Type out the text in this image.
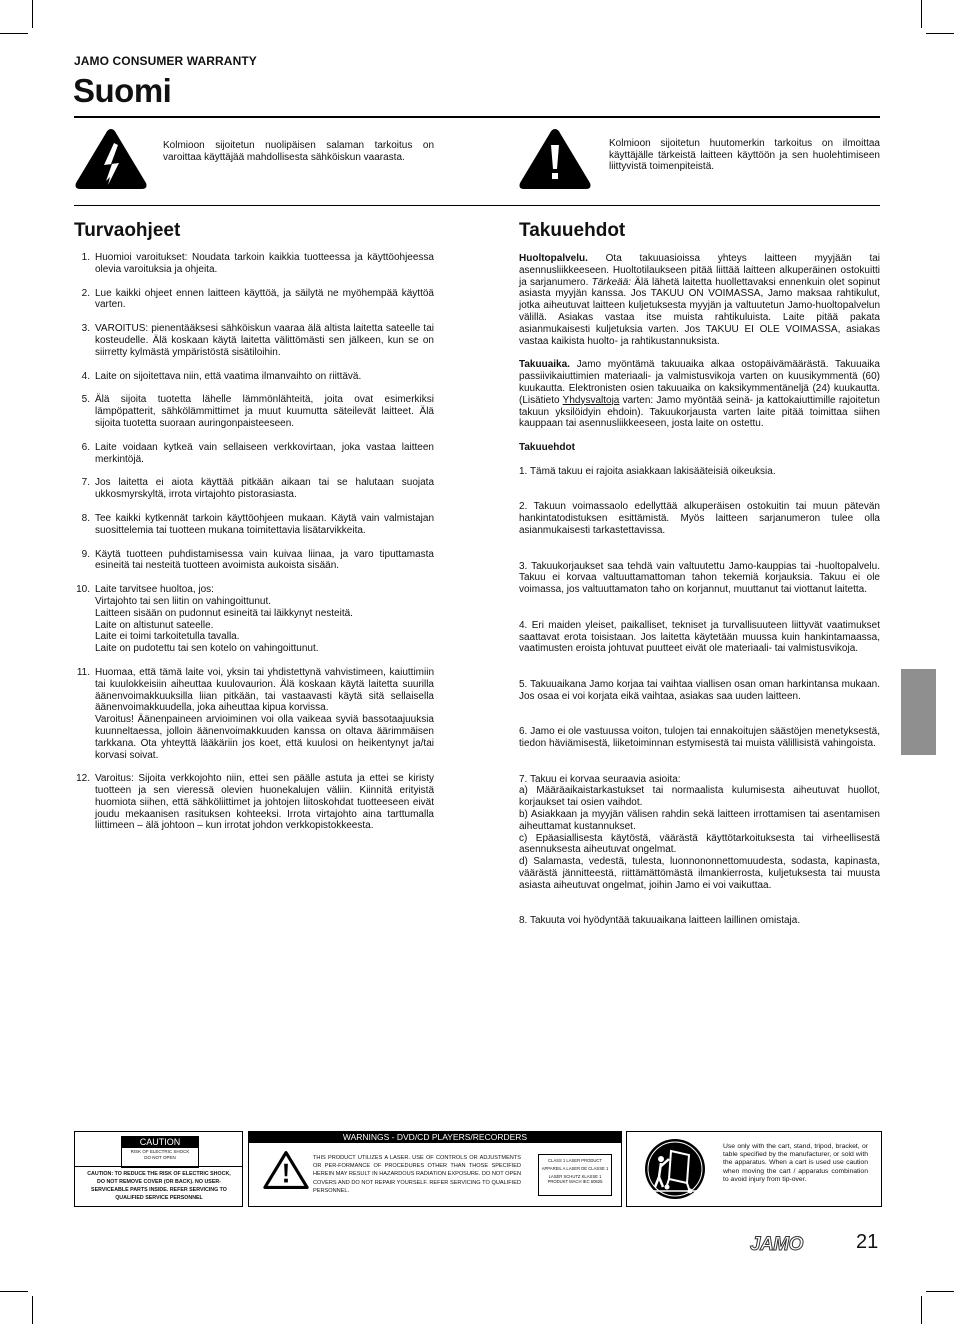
JAMO CONSUMER WARRANTY
Suomi
Kolmioon sijoitetun nuolipäisen salaman tarkoitus on varoittaa käyttäjää mahdollisesta sähköiskun vaarasta.
Kolmioon sijoitetun huutomerkin tarkoitus on ilmoittaa käyttäjälle tärkeistä laitteen käyttöön ja sen huolehtimiseen liittyvistä toimenpiteistä.
Turvaohjeet	Takuuehdot
1. Huomioi varoitukset: Noudata tarkoin kaikkia tuotteessa ja käyttöohjeessa olevia varoituksia ja ohjeita.
2. Lue kaikki ohjeet ennen laitteen käyttöä, ja säilytä ne myöhempää käyttöä varten.
3. VAROITUS: pienentääksesi sähköiskun vaaraa älä altista laitetta sateelle tai kosteudelle. Älä koskaan käytä laitetta välittömästi sen jälkeen, kun se on siirretty kylmästä ympäristöstä sisätiloihin.
4. Laite on sijoitettava niin, että vaatima ilmanvaihto on riittävä.
5. Älä sijoita tuotetta lähelle lämmönlähteitä, joita ovat esimerkiksi lämpöpatterit, sähkölämmittimet ja muut kuumutta säteilevät laitteet. Älä sijoita tuotetta suoraan auringonpaisteeseen.
6. Laite voidaan kytkeä vain sellaiseen verkkovirtaan, joka vastaa laitteen merkintöjä.
7. Jos laitetta ei aiota käyttää pitkään aikaan tai se halutaan suojata ukkosmyrskyltä, irrota virtajohto pistorasiasta.
8. Tee kaikki kytkennät tarkoin käyttöohjeen mukaan. Käytä vain valmistajan suosittelemia tai tuotteen mukana toimitettavia lisätarvikkeita.
9. Käytä tuotteen puhdistamisessa vain kuivaa liinaa, ja varo tiputtamasta esineitä tai nesteitä tuotteen avoimista aukoista sisään.
10. Laite tarvitsee huoltoa, jos:
Virtajohto tai sen liitin on vahingoittunut.
Laitteen sisään on pudonnut esineitä tai läikkynyt nesteitä.
Laite on altistunut sateelle.
Laite ei toimi tarkoitetulla tavalla.
Laite on pudotettu tai sen kotelo on vahingoittunut.
11. Huomaa, että tämä laite voi, yksin tai yhdistettynä vahvistimeen, kaiuttimiin tai kuulokkeisiin aiheuttaa kuulovaurion. Älä koskaan käytä laitetta suurilla äänenvoimakkuuksilla liian pitkään, tai vastaavasti käytä sitä sellaisella äänenvoimakkuudella, joka aiheuttaa kipua korvissa.
Varoitus! Äänenpaineen arvioiminen voi olla vaikeaa syviä bassotaajuuksia kuunneltaessa, jolloin äänenvoimakkuuden kanssa on oltava äärimmäisen tarkkana. Ota yhteyttä lääkäriin jos koet, että kuulosi on heikentynyt ja/tai korvasi soivat.
12. Varoitus: Sijoita verkkojohto niin, ettei sen päälle astuta ja ettei se kiristy tuotteen ja sen vieressä olevien huonekalujen väliin. Kiinnitä erityistä huomiota siihen, että sähköliittimet ja johtojen liitoskohdat tuotteeseen eivät joudu mekaanisen rasituksen kohteeksi. Irrota virtajohto aina tarttumalla liittimeen – älä johtoon – kun irrotat johdon verkkopistokkeesta.

Huoltopalvelu. Ota takuuasioissa yhteys laitteen myyjään tai asennusliikkeeseen. Huoltotilaukseen pitää liittää laitteen alkuperäinen ostokuitti ja sarjanumero. Tärkeää: Älä lähetä laitetta huollettavaksi ennenkuin olet sopinut asiasta myyjän kanssa. Jos TAKUU ON VOIMASSA, Jamo maksaa rahtikulut, jotka aiheutuvat laitteen kuljetuksesta myyjän ja valtuutetun Jamo-huoltopalvelun välillä. Asiakas vastaa itse muista rahtikuluista. Laite pitää pakata asianmukaisesti kuljetuksia varten. Jos TAKUU EI OLE VOIMASSA, asiakas vastaa kaikista huolto- ja rahtikustannuksista.

Takuuaika. Jamo myöntämä takuuaika alkaa ostopäivämäärästä. Takuuaika passiivikaiuttimien materiaali- ja valmistusvikoja varten on kuusikymmentä (60) kuukautta. Elektronisten osien takuuaika on kaksikymmentäneljä (24) kuukautta. (Lisätieto Yhdysvaltoja varten: Jamo myöntää seinä- ja kattokaiuttimille rajoitetun takuun yksilöidyin ehdoin). Takuukorjausta varten laite pitää toimittaa siihen kauppaan tai asennusliikkeeseen, josta laite on ostettu.

Takuuehdot

1. Tämä takuu ei rajoita asiakkaan lakisääteisiä oikeuksia.

2. Takuun voimassaolo edellyttää alkuperäisen ostokuitin tai muun pätevän hankintatodistuksen esittämistä. Myös laitteen sarjanumeron tulee olla asianmukaisesti tarkastettavissa.

3. Takuukorjaukset saa tehdä vain valtuutettu Jamo-kauppias tai -huoltopalvelu. Takuu ei korvaa valtuuttamattoman tahon tekemiä korjauksia. Takuu ei ole voimassa, jos valtuuttamaton taho on korjannut, muuttanut tai viottanut laitetta.

4. Eri maiden yleiset, paikalliset, tekniset ja turvallisuuteen liittyvät vaatimukset saattavat erota toisistaan. Jos laitetta käytetään muussa kuin hankintamaassa, vaatimusten eroista johtuvat puutteet eivät ole materiaali- tai valmistusvikoja.

5. Takuuaikana Jamo korjaa tai vaihtaa viallisen osan oman harkintansa mukaan. Jos osaa ei voi korjata eikä vaihtaa, asiakas saa uuden laitteen.

6. Jamo ei ole vastuussa voiton, tulojen tai ennakoitujen säästöjen menetyksestä, tiedon häviämisestä, liiketoiminnan estymisestä tai muista välillisistä vahingoista.

7. Takuu ei korvaa seuraavia asioita:
a) Määräaikaistarkastukset tai normaalista kulumisesta aiheutuvat huollot, korjaukset tai osien vaihdot.
b) Asiakkaan ja myyjän välisen rahdin sekä laitteen irrottamisen tai asentamisen aiheuttamat kustannukset.
c) Epäasiallisesta käytöstä, väärästä käyttötarkoituksesta tai virheellisestä asennuksesta aiheutuvat ongelmat.
d) Salamasta, vedestä, tulesta, luonnononnettomuudesta, sodasta, kapinasta, väärästä jännitteestä, riittämättömästä ilmankierrosta, kuljetuksesta tai muusta asiasta aiheutuvat ongelmat, joihin Jamo ei voi vaikuttaa.

8. Takuuta voi hyödyntää takuuaikana laitteen laillinen omistaja.

CAUTION
RISK OF ELECTRIC SHOCK DO NOT OPEN
CAUTION: TO REDUCE THE RISK OF ELECTRIC SHOCK, DO NOT REMOVE COVER (OR BACK). NO USER-SERVICEABLE PARTS INSIDE. REFER SERVICING TO QUALIFIED SERVICE PERSONNEL
WARNINGS - DVD/CD PLAYERS/RECORDERS
THIS PRODUCT UTILIZES A LASER. USE OF CONTROLS OR ADJUSTMENTS OR PER-FORMANCE OF PROCEDURES OTHER THAN THOSE SPECIFIED HEREIN MAY RESULT IN HAZARDOUS RADIATION EXPOSURE. DO NOT OPEN COVERS AND DO NOT REPAIR YOURSELF. REFER SERVICING TO QUALIFIED PERSONNEL.
CLASS 1 LASER PRODUCT
APPAREIL A LASER DE CLASSE 1
LASER SCHUTZ KLASSE 1 PRODUKT MACH IEC 60825
Use only with the cart, stand, tripod, bracket, or table specified by the manufacturer, or sold with the apparatus. When a cart is used use caution when moving the cart / apparatus combination to avoid injury from tip-over.
JAMO	21
